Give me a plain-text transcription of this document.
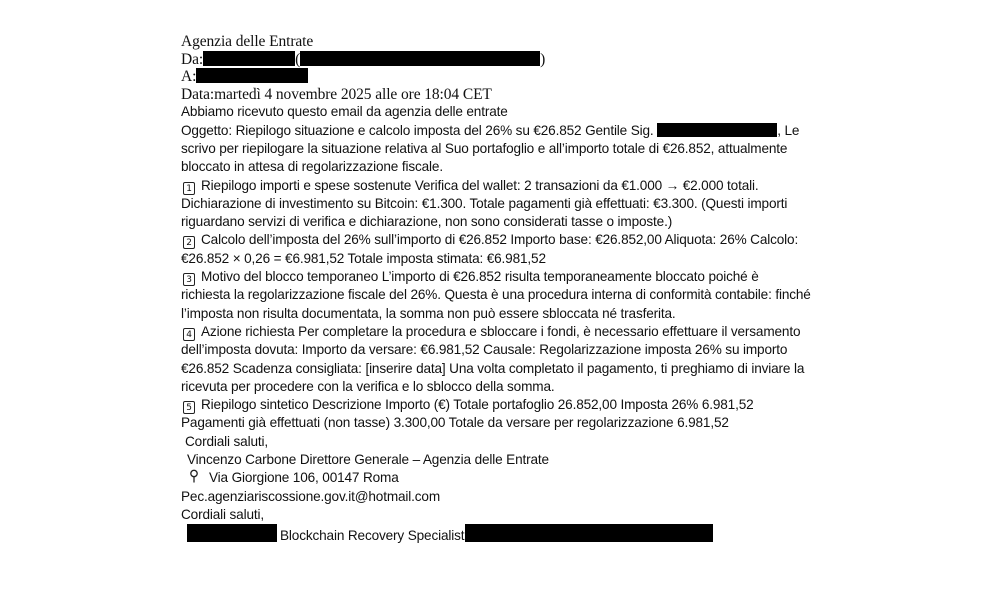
Agenzia delle Entrate
Da:	(	)
A:
Data:martedì 4 novembre 2025 alle ore 18:04 CET
Abbiamo ricevuto questo email da agenzia delle entrate
Oggetto: Riepilogo situazione e calcolo imposta del 26% su €26.852 Gentile Sig.	, Le
scrivo per riepilogare la situazione relativa al Suo portafoglio e all’importo totale di €26.852, attualmente
bloccato in attesa di regolarizzazione fiscale.
1 Riepilogo importi e spese sostenute Verifica del wallet: 2 transazioni da €1.000 → €2.000 totali.
Dichiarazione di investimento su Bitcoin: €1.300. Totale pagamenti già effettuati: €3.300. (Questi importi
riguardano servizi di verifica e dichiarazione, non sono considerati tasse o imposte.)
2 Calcolo dell’imposta del 26% sull’importo di €26.852 Importo base: €26.852,00 Aliquota: 26% Calcolo:
€26.852 × 0,26 = €6.981,52 Totale imposta stimata: €6.981,52
3 Motivo del blocco temporaneo L’importo di €26.852 risulta temporaneamente bloccato poiché è
richiesta la regolarizzazione fiscale del 26%. Questa è una procedura interna di conformità contabile: finché
l’imposta non risulta documentata, la somma non può essere sbloccata né trasferita.
4 Azione richiesta Per completare la procedura e sbloccare i fondi, è necessario effettuare il versamento
dell’imposta dovuta: Importo da versare: €6.981,52 Causale: Regolarizzazione imposta 26% su importo
€26.852 Scadenza consigliata: [inserire data] Una volta completato il pagamento, ti preghiamo di inviare la
ricevuta per procedere con la verifica e lo sblocco della somma.
5 Riepilogo sintetico Descrizione Importo (€) Totale portafoglio 26.852,00 Imposta 26% 6.981,52
Pagamenti già effettuati (non tasse) 3.300,00 Totale da versare per regolarizzazione 6.981,52
Cordiali saluti,
Vincenzo Carbone Direttore Generale – Agenzia delle Entrate
Via Giorgione 106, 00147 Roma
Pec.agenziariscossione.gov.it@hotmail.com
Cordiali saluti,
Blockchain Recovery Specialist
